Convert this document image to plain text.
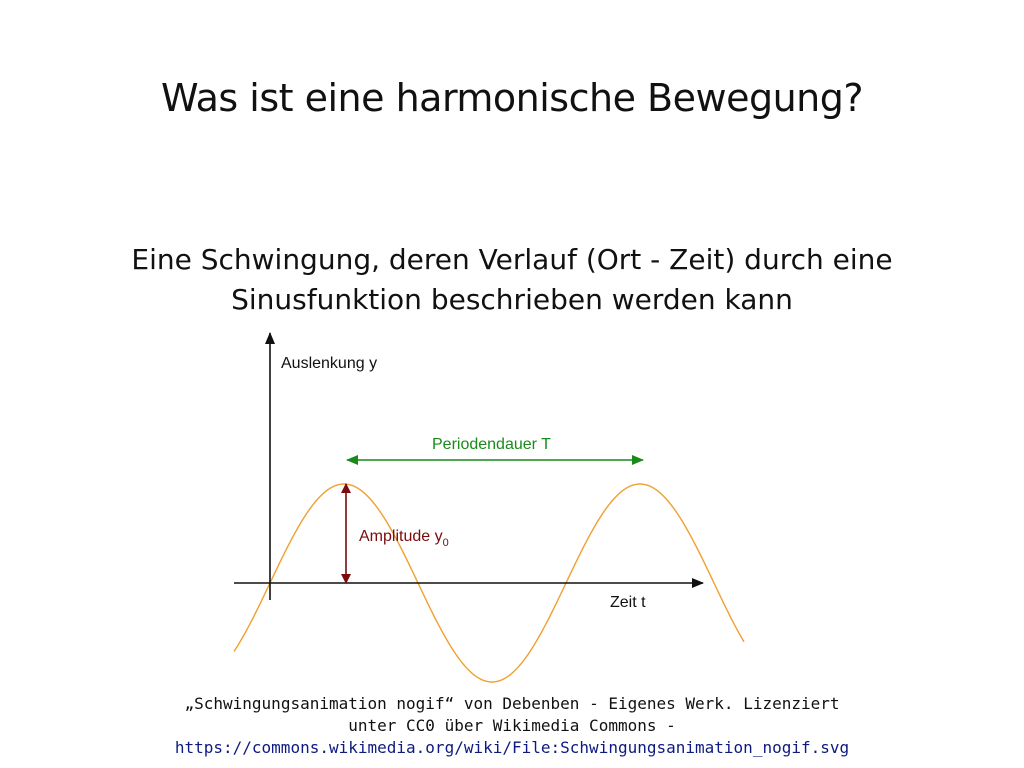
Was ist eine harmonische Bewegung?
Eine Schwingung, deren Verlauf (Ort - Zeit) durch eine
Sinusfunktion beschrieben werden kann
Auslenkung y
Zeit t
Periodendauer T
Amplitude $y_0$
„Schwingungsanimation nogif“ von Debenben - Eigenes Werk. Lizenziert
unter CC0 über Wikimedia Commons -
https://commons.wikimedia.org/wiki/File:Schwingungsanimation_nogif.svg
